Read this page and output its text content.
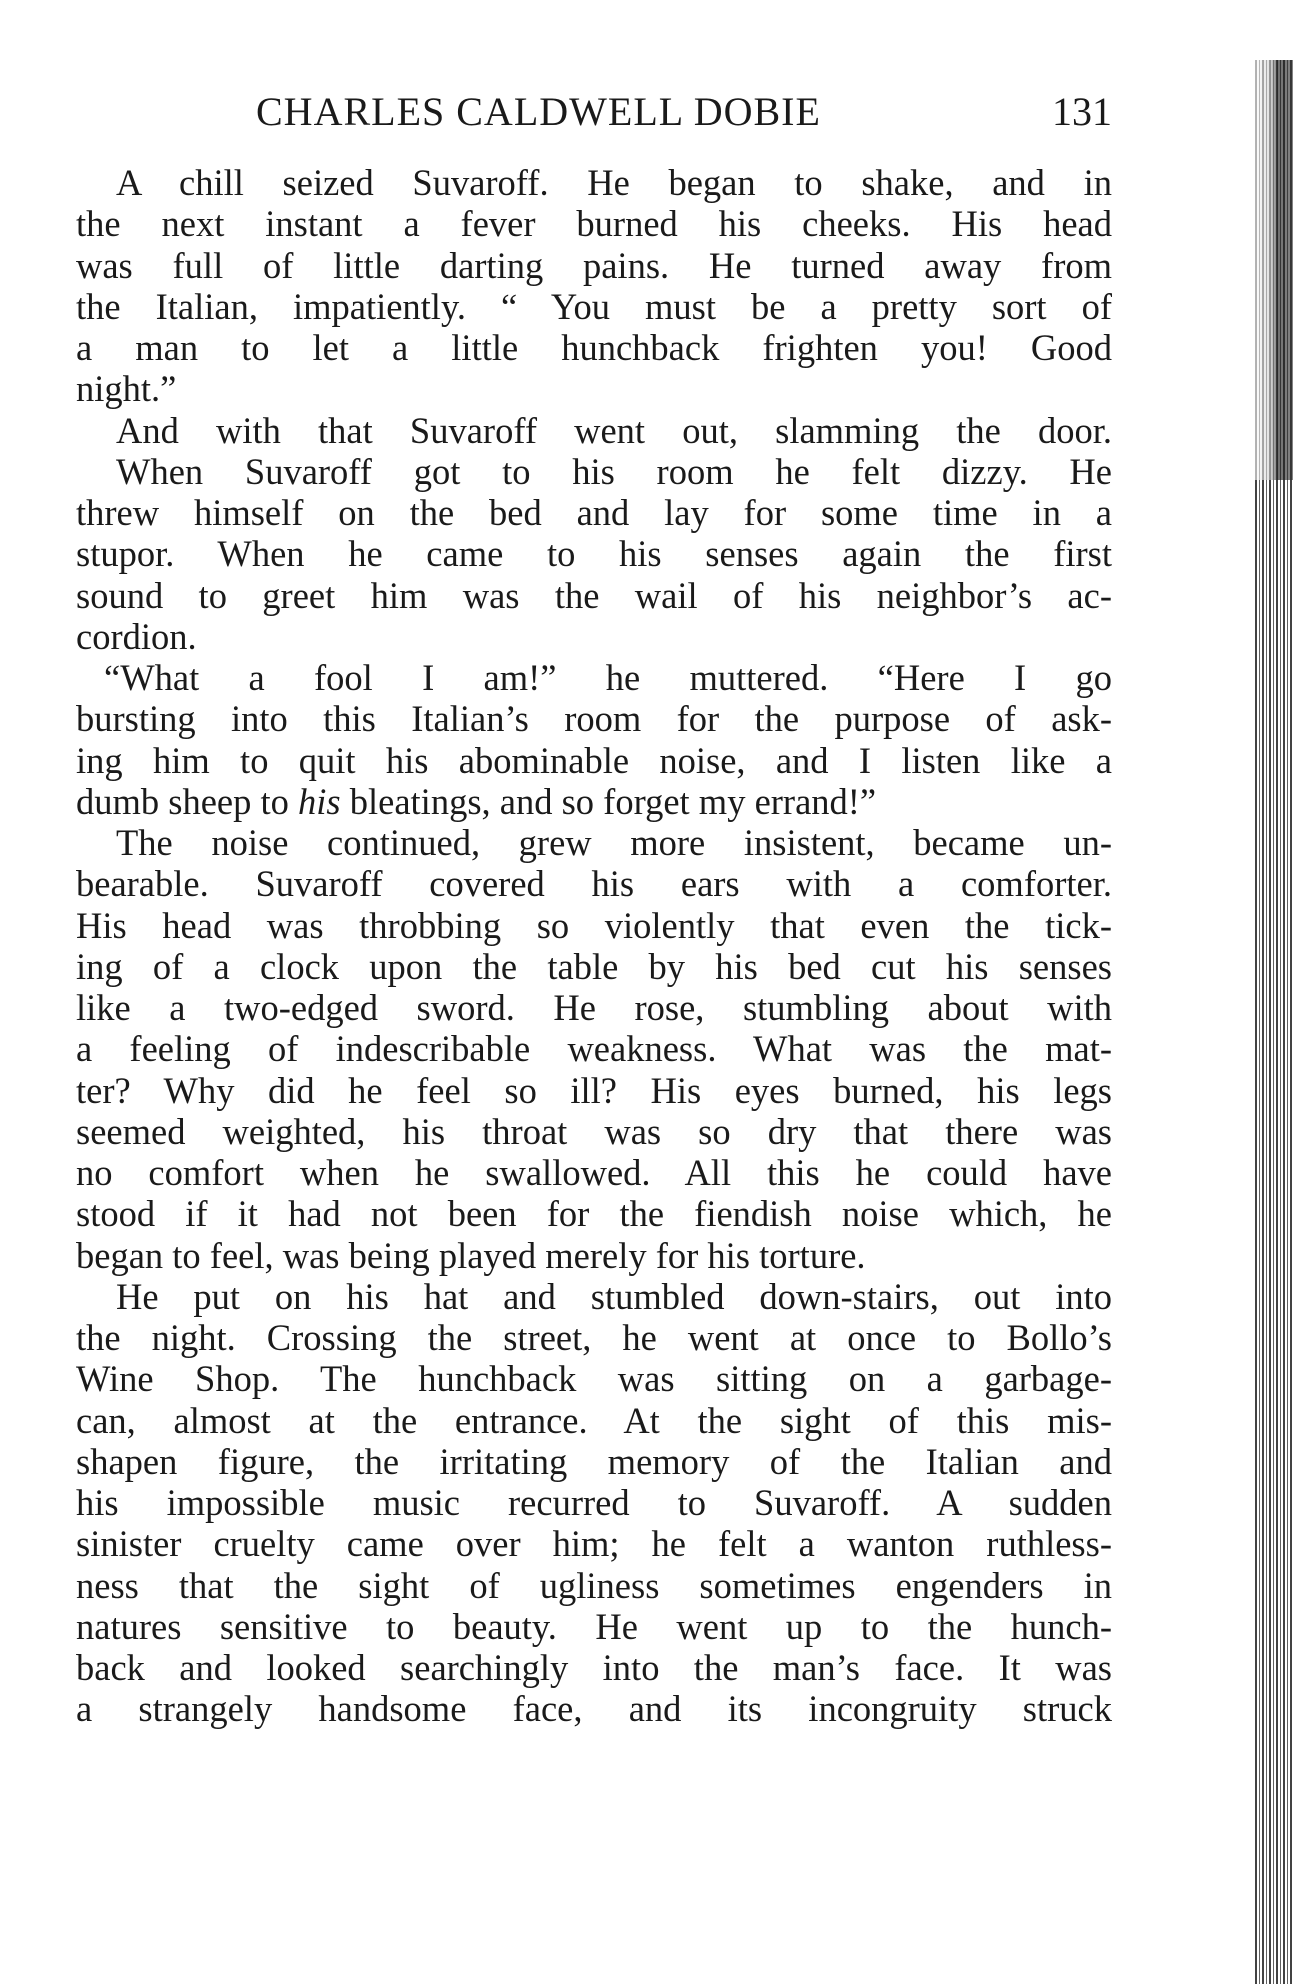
CHARLES CALDWELL DOBIE	131
A chill seized Suvaroff. He began to shake, and in
the next instant a fever burned his cheeks. His head
was full of little darting pains. He turned away from
the Italian, impatiently. “ You must be a pretty sort of
a man to let a little hunchback frighten you! Good
night.”
And with that Suvaroff went out, slamming the door.
When Suvaroff got to his room he felt dizzy. He
threw himself on the bed and lay for some time in a
stupor. When he came to his senses again the first
sound to greet him was the wail of his neighbor’s ac-
cordion.
“What a fool I am!” he muttered. “Here I go
bursting into this Italian’s room for the purpose of ask-
ing him to quit his abominable noise, and I listen like a
dumb sheep to his bleatings, and so forget my errand!”
The noise continued, grew more insistent, became un-
bearable. Suvaroff covered his ears with a comforter.
His head was throbbing so violently that even the tick-
ing of a clock upon the table by his bed cut his senses
like a two-edged sword. He rose, stumbling about with
a feeling of indescribable weakness. What was the mat-
ter? Why did he feel so ill? His eyes burned, his legs
seemed weighted, his throat was so dry that there was
no comfort when he swallowed. All this he could have
stood if it had not been for the fiendish noise which, he
began to feel, was being played merely for his torture.
He put on his hat and stumbled down-stairs, out into
the night. Crossing the street, he went at once to Bollo’s
Wine Shop. The hunchback was sitting on a garbage-
can, almost at the entrance. At the sight of this mis-
shapen figure, the irritating memory of the Italian and
his impossible music recurred to Suvaroff. A sudden
sinister cruelty came over him; he felt a wanton ruthless-
ness that the sight of ugliness sometimes engenders in
natures sensitive to beauty. He went up to the hunch-
back and looked searchingly into the man’s face. It was
a strangely handsome face, and its incongruity struck
